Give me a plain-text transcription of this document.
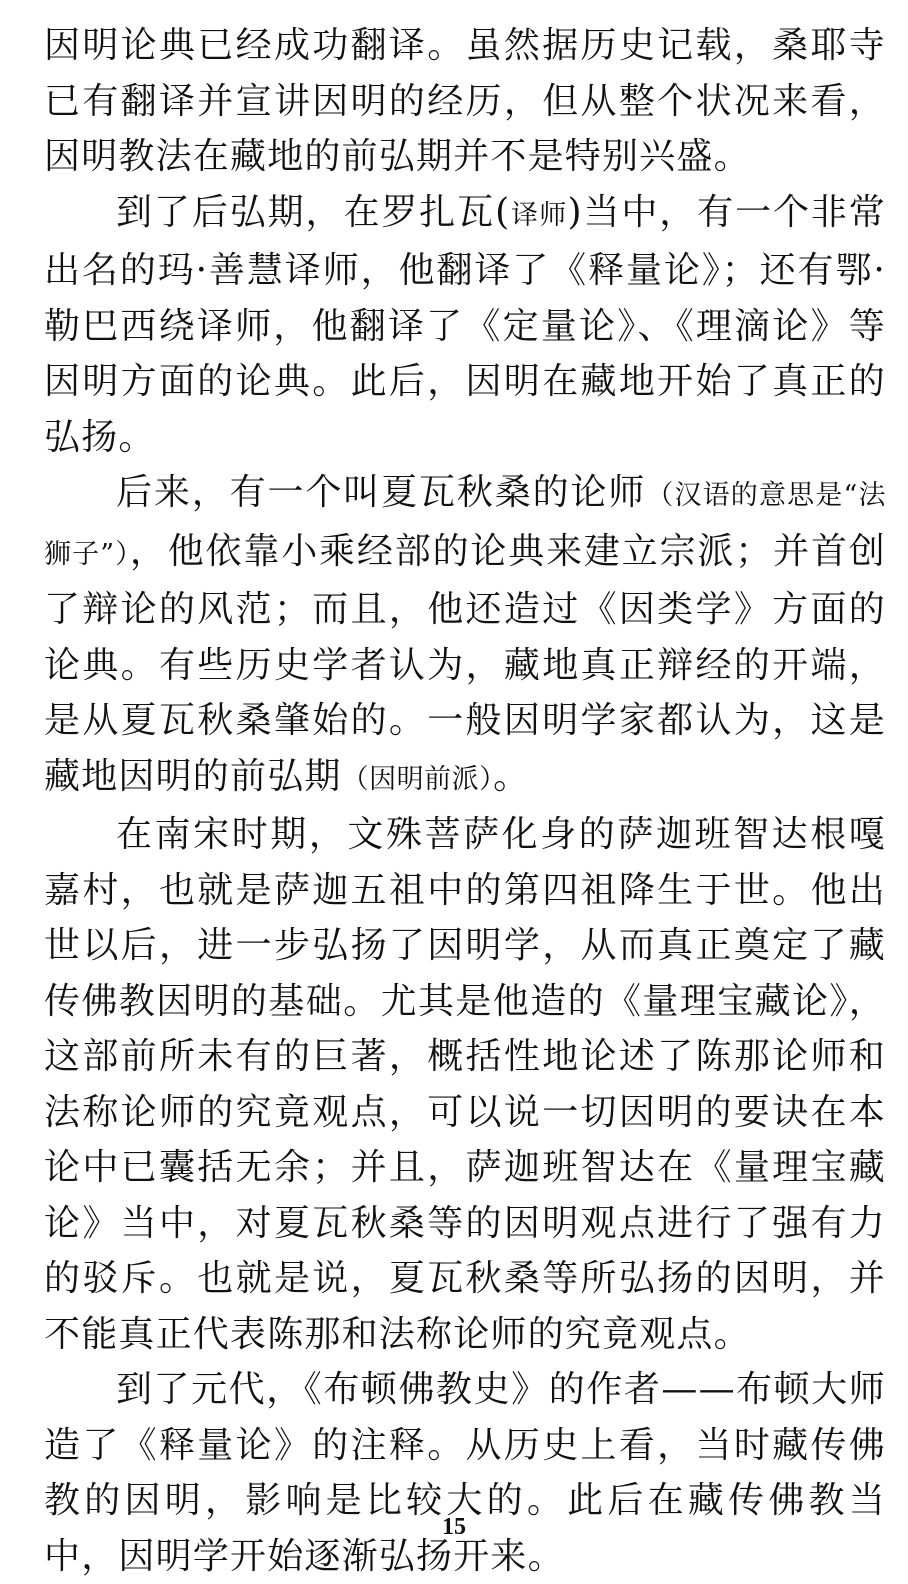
因明论典已经成功翻译。虽然据历史记载，桑耶寺已有翻译并宣讲因明的经历，但从整个状况来看，因明教法在藏地的前弘期并不是特别兴盛。

到了后弘期，在罗扎瓦(译师)当中，有一个非常出名的玛·善慧译师，他翻译了《释量论》；还有鄂·勒巴西绕译师，他翻译了《定量论》、《理滴论》等因明方面的论典。此后，因明在藏地开始了真正的弘扬。

后来，有一个叫夏瓦秋桑的论师（汉语的意思是“法狮子”），他依靠小乘经部的论典来建立宗派；并首创了辩论的风范；而且，他还造过《因类学》方面的论典。有些历史学者认为，藏地真正辩经的开端，是从夏瓦秋桑肇始的。一般因明学家都认为，这是藏地因明的前弘期（因明前派）。

在南宋时期，文殊菩萨化身的萨迦班智达根嘎嘉村，也就是萨迦五祖中的第四祖降生于世。他出世以后，进一步弘扬了因明学，从而真正奠定了藏传佛教因明的基础。尤其是他造的《量理宝藏论》，这部前所未有的巨著，概括性地论述了陈那论师和法称论师的究竟观点，可以说一切因明的要诀在本论中已囊括无余；并且，萨迦班智达在《量理宝藏论》当中，对夏瓦秋桑等的因明观点进行了强有力的驳斥。也就是说，夏瓦秋桑等所弘扬的因明，并不能真正代表陈那和法称论师的究竟观点。

到了元代，《布顿佛教史》的作者——布顿大师造了《释量论》的注释。从历史上看，当时藏传佛教的因明，影响是比较大的。此后在藏传佛教当中，因明学开始逐渐弘扬开来。

15
